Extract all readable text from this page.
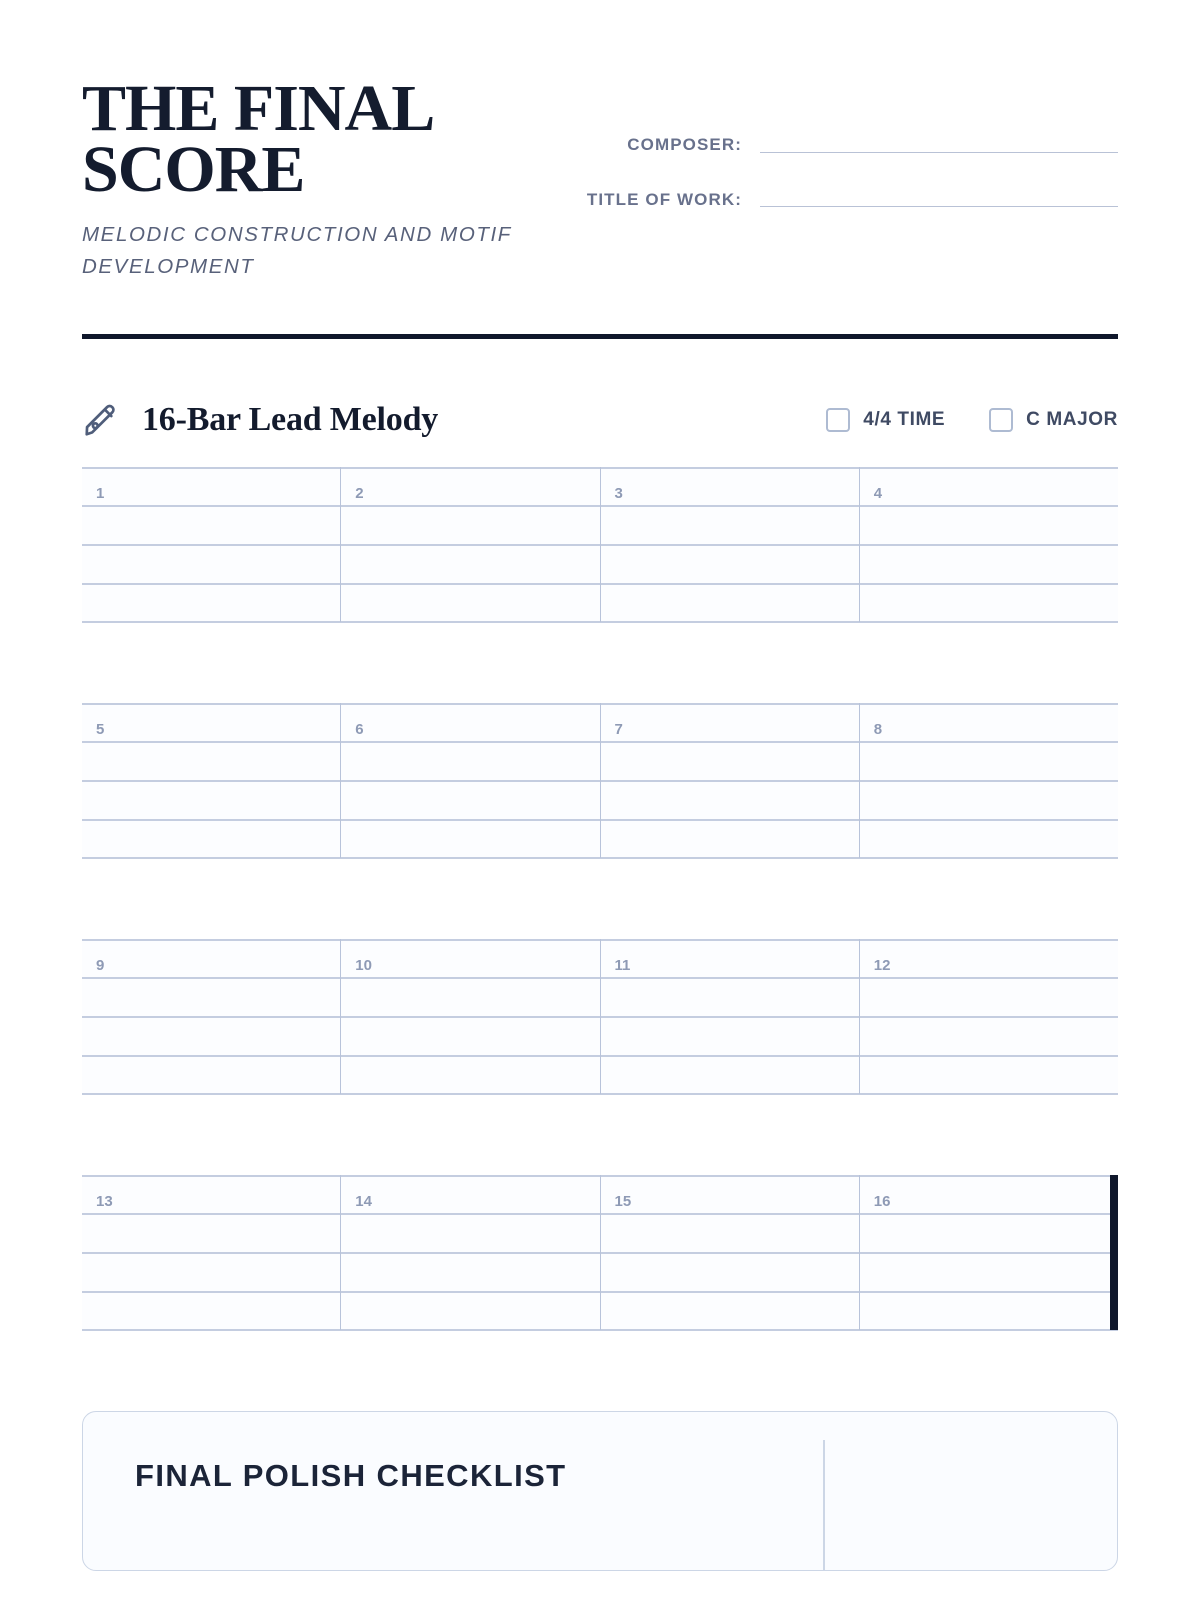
THE FINAL SCORE
MELODIC CONSTRUCTION AND MOTIF DEVELOPMENT
COMPOSER:
TITLE OF WORK:
16-Bar Lead Melody	4/4 TIME	C MAJOR
1	2	3	4
5	6	7	8
9	10	11	12
13	14	15	16
FINAL POLISH CHECKLIST
